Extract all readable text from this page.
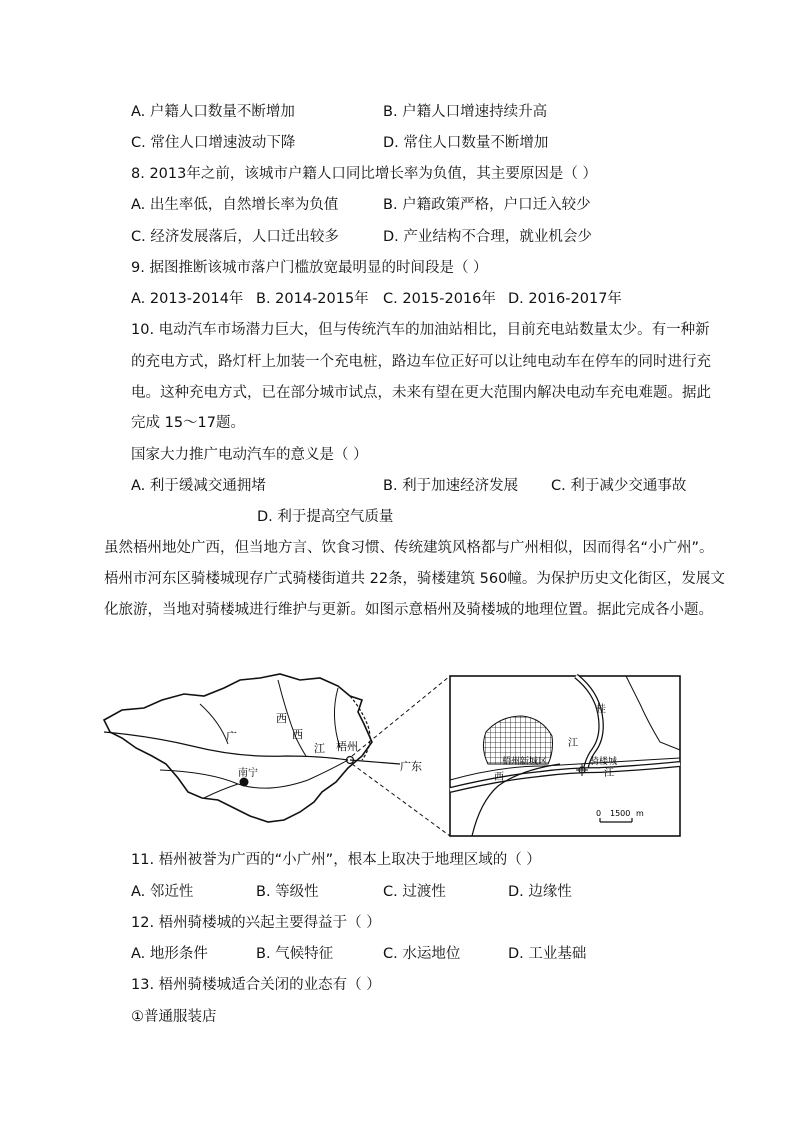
A. 户籍人口数量不断增加	B. 户籍人口增速持续升高
C. 常住人口增速波动下降	D. 常住人口数量不断增加
8. 2013年之前，该城市户籍人口同比增长率为负值，其主要原因是（ ）
A. 出生率低，自然增长率为负值	B. 户籍政策严格，户口迁入较少
C. 经济发展落后，人口迁出较多	D. 产业结构不合理，就业机会少
9. 据图推断该城市落户门槛放宽最明显的时间段是（ ）
A. 2013-2014年 B. 2014-2015年 C. 2015-2016年 D. 2016-2017年
10. 电动汽车市场潜力巨大，但与传统汽车的加油站相比，目前充电站数量太少。有一种新
的充电方式，路灯杆上加装一个充电桩，路边车位正好可以让纯电动车在停车的同时进行充
电。这种充电方式，已在部分城市试点，未来有望在更大范围内解决电动车充电难题。据此
完成 15～17题。
国家大力推广电动汽车的意义是（ ）
A. 利于缓减交通拥堵	B. 利于加速经济发展 C. 利于减少交通事故
D. 利于提高空气质量
虽然梧州地处广西，但当地方言、饮食习惯、传统建筑风格都与广州相似，因而得名“小广州”。
梧州市河东区骑楼城现存广式骑楼街道共 22条，骑楼建筑 560幢。为保护历史文化街区，发展文
化旅游，当地对骑楼城进行维护与更新。如图示意梧州及骑楼城的地理位置。据此完成各小题。
广	西
西
江 梧州
南宁
广东
桂
江
西	江
梧州新城区	骑楼城
0 1500 m
11. 梧州被誉为广西的“小广州”，根本上取决于地理区域的（ ）
A. 邻近性	B. 等级性	C. 过渡性	D. 边缘性
12. 梧州骑楼城的兴起主要得益于（ ）
A. 地形条件	B. 气候特征	C. 水运地位	D. 工业基础
13. 梧州骑楼城适合关闭的业态有（ ）
①普通服装店
